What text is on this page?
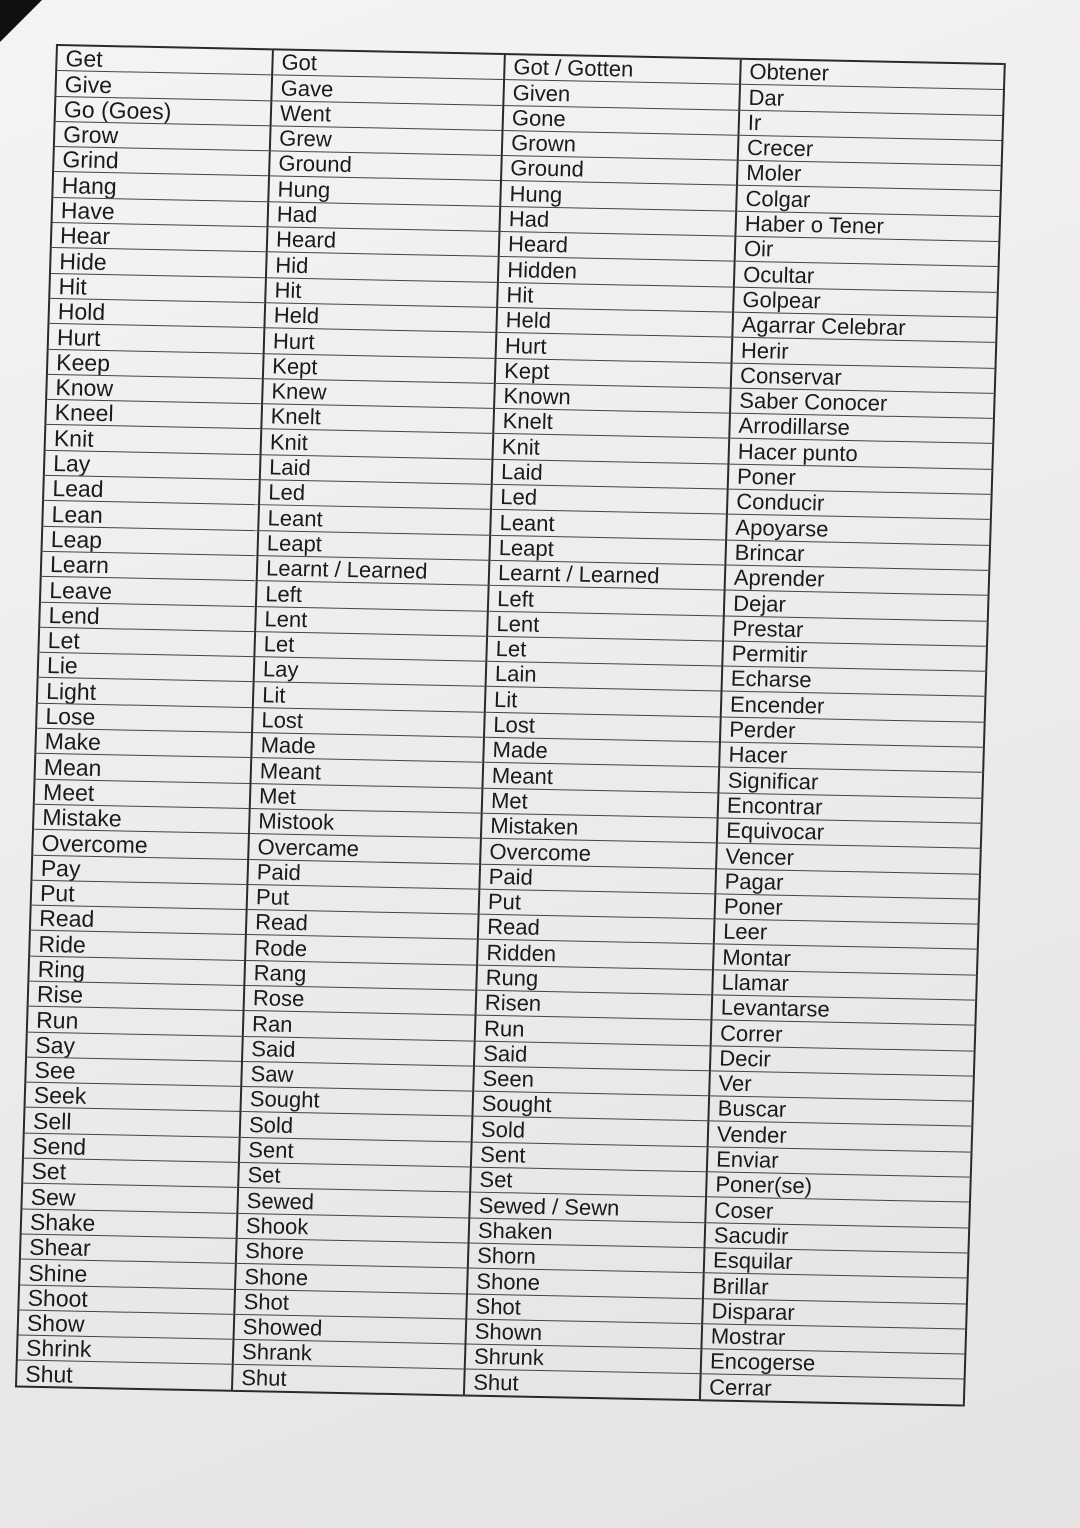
Get	Got	Got / Gotten	Obtener
Give	Gave	Given	Dar
Go (Goes)	Went	Gone	Ir
Grow	Grew	Grown	Crecer
Grind	Ground	Ground	Moler
Hang	Hung	Hung	Colgar
Have	Had	Had	Haber o Tener
Hear	Heard	Heard	Oir
Hide	Hid	Hidden	Ocultar
Hit	Hit	Hit	Golpear
Hold	Held	Held	Agarrar Celebrar
Hurt	Hurt	Hurt	Herir
Keep	Kept	Kept	Conservar
Know	Knew	Known	Saber Conocer
Kneel	Knelt	Knelt	Arrodillarse
Knit	Knit	Knit	Hacer punto
Lay	Laid	Laid	Poner
Lead	Led	Led	Conducir
Lean	Leant	Leant	Apoyarse
Leap	Leapt	Leapt	Brincar
Learn	Learnt / Learned	Learnt / Learned	Aprender
Leave	Left	Left	Dejar
Lend	Lent	Lent	Prestar
Let	Let	Let	Permitir
Lie	Lay	Lain	Echarse
Light	Lit	Lit	Encender
Lose	Lost	Lost	Perder
Make	Made	Made	Hacer
Mean	Meant	Meant	Significar
Meet	Met	Met	Encontrar
Mistake	Mistook	Mistaken	Equivocar
Overcome	Overcame	Overcome	Vencer
Pay	Paid	Paid	Pagar
Put	Put	Put	Poner
Read	Read	Read	Leer
Ride	Rode	Ridden	Montar
Ring	Rang	Rung	Llamar
Rise	Rose	Risen	Levantarse
Run	Ran	Run	Correr
Say	Said	Said	Decir
See	Saw	Seen	Ver
Seek	Sought	Sought	Buscar
Sell	Sold	Sold	Vender
Send	Sent	Sent	Enviar
Set	Set	Set	Poner(se)
Sew	Sewed	Sewed / Sewn	Coser
Shake	Shook	Shaken	Sacudir
Shear	Shore	Shorn	Esquilar
Shine	Shone	Shone	Brillar
Shoot	Shot	Shot	Disparar
Show	Showed	Shown	Mostrar
Shrink	Shrank	Shrunk	Encogerse
Shut	Shut	Shut	Cerrar
